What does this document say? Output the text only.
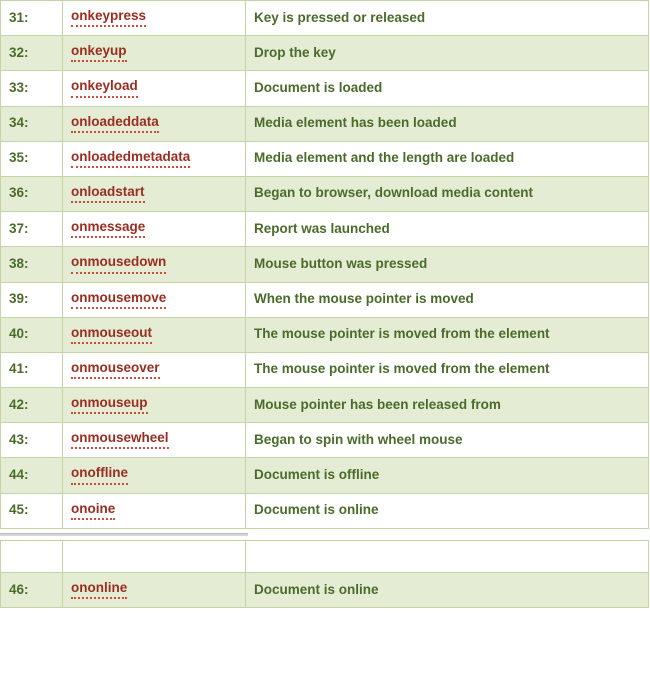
31:	onkeypress	Key is pressed or released
32:	onkeyup	Drop the key
33:	onkeyload	Document is loaded
34:	onloadeddata	Media element has been loaded
35:	onloadedmetadata	Media element and the length are loaded
36:	onloadstart	Began to browser, download media content
37:	onmessage	Report was launched
38:	onmousedown	Mouse button was pressed
39:	onmousemove	When the mouse pointer is moved
40:	onmouseout	The mouse pointer is moved from the element
41:	onmouseover	The mouse pointer is moved from the element
42:	onmouseup	Mouse pointer has been released from
43:	onmousewheel	Began to spin with wheel mouse
44:	onoffline	Document is offline
45:	onoine	Document is online

46:	ononline	Document is online
